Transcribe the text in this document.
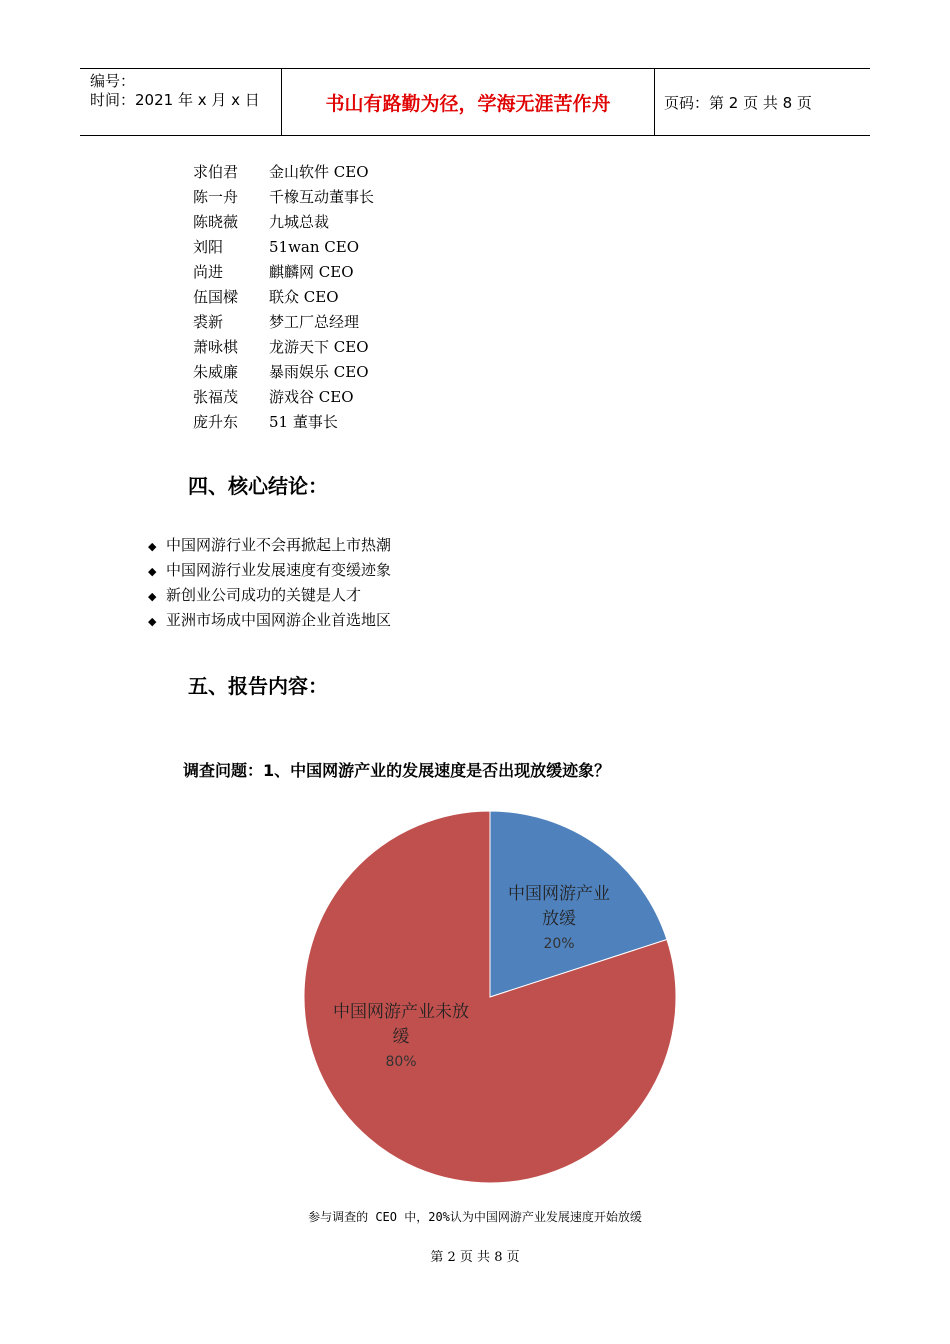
编号：
时间：2021 年 x 月 x 日	书山有路勤为径，学海无涯苦作舟	页码：第 2 页 共 8 页
求伯君 金山软件 CEO
陈一舟 千橡互动董事长
陈晓薇 九城总裁
刘阳	51wan CEO
尚进	麒麟网 CEO
伍国樑 联众 CEO
裘新	梦工厂总经理
萧咏棋 龙游天下 CEO
朱威廉 暴雨娱乐 CEO
张福茂 游戏谷 CEO
庞升东 51 董事长
四、核心结论：
◆ 中国网游行业不会再掀起上市热潮
◆ 中国网游行业发展速度有变缓迹象
◆ 新创业公司成功的关键是人才
◆ 亚洲市场成中国网游企业首选地区
五、报告内容：
调查问题：1、中国网游产业的发展速度是否出现放缓迹象？
中国网游产业
放缓
20%
中国网游产业未放
缓
80%
参与调查的 CEO 中，20%认为中国网游产业发展速度开始放缓
第 2 页 共 8 页
